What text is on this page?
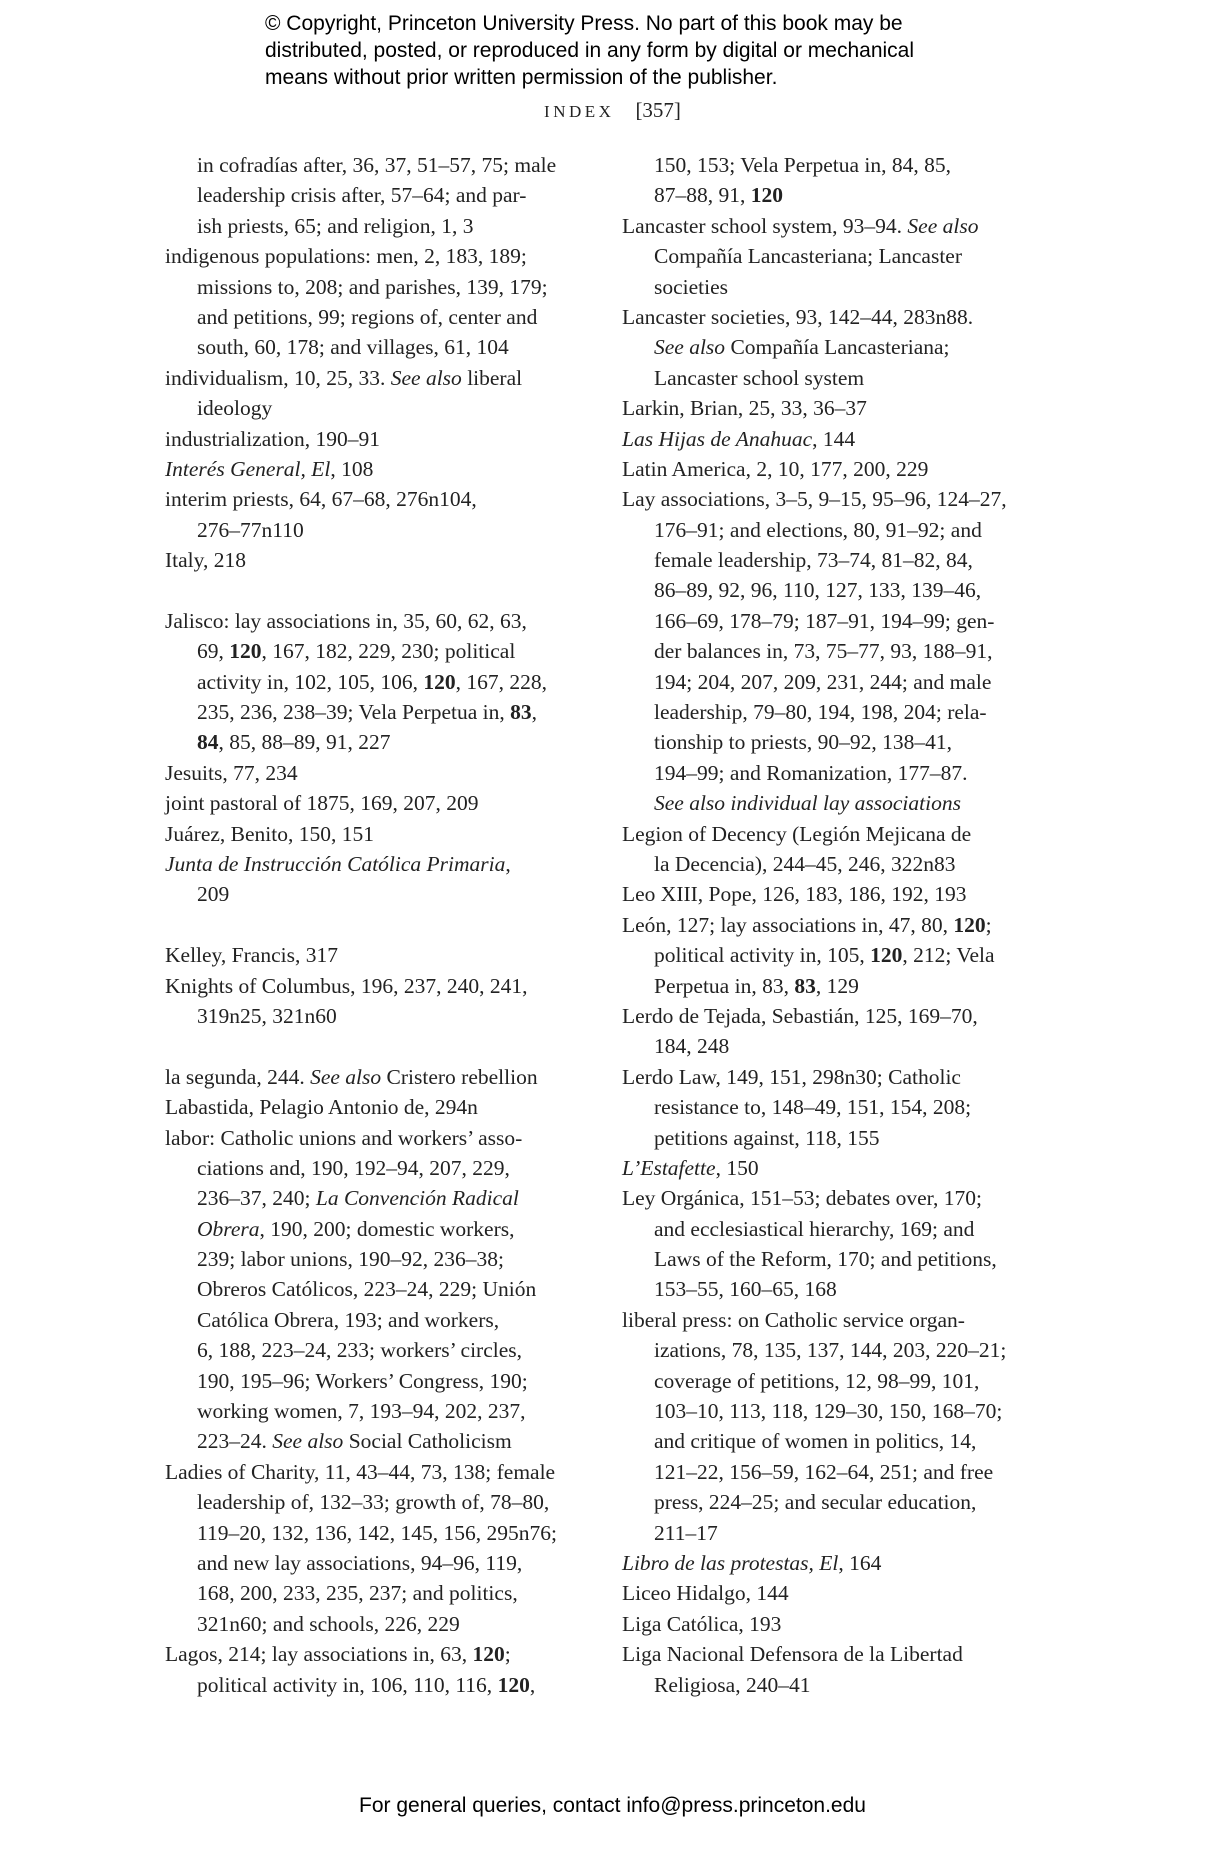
© Copyright, Princeton University Press. No part of this book may be
distributed, posted, or reproduced in any form by digital or mechanical
means without prior written permission of the publisher.
INDEX [357]
in cofradías after, 36, 37, 51–57, 75; male
leadership crisis after, 57–64; and par-
ish priests, 65; and religion, 1, 3
indigenous populations: men, 2, 183, 189;
missions to, 208; and parishes, 139, 179;
and petitions, 99; regions of, center and
south, 60, 178; and villages, 61, 104
individualism, 10, 25, 33. See also liberal
ideology
industrialization, 190–91
Interés General, El, 108
interim priests, 64, 67–68, 276n104,
276–77n110
Italy, 218
Jalisco: lay associations in, 35, 60, 62, 63,
69, 120, 167, 182, 229, 230; political
activity in, 102, 105, 106, 120, 167, 228,
235, 236, 238–39; Vela Perpetua in, 83,
84, 85, 88–89, 91, 227
Jesuits, 77, 234
joint pastoral of 1875, 169, 207, 209
Juárez, Benito, 150, 151
Junta de Instrucción Católica Primaria,
209
Kelley, Francis, 317
Knights of Columbus, 196, 237, 240, 241,
319n25, 321n60
la segunda, 244. See also Cristero rebellion
Labastida, Pelagio Antonio de, 294n
labor: Catholic unions and workers’ asso-
ciations and, 190, 192–94, 207, 229,
236–37, 240; La Convención Radical
Obrera, 190, 200; domestic workers,
239; labor unions, 190–92, 236–38;
Obreros Católicos, 223–24, 229; Unión
Católica Obrera, 193; and workers,
6, 188, 223–24, 233; workers’ circles,
190, 195–96; Workers’ Congress, 190;
working women, 7, 193–94, 202, 237,
223–24. See also Social Catholicism
Ladies of Charity, 11, 43–44, 73, 138; female
leadership of, 132–33; growth of, 78–80,
119–20, 132, 136, 142, 145, 156, 295n76;
and new lay associations, 94–96, 119,
168, 200, 233, 235, 237; and politics,
321n60; and schools, 226, 229
Lagos, 214; lay associations in, 63, 120;
political activity in, 106, 110, 116, 120,
150, 153; Vela Perpetua in, 84, 85,
87–88, 91, 120
Lancaster school system, 93–94. See also
Compañía Lancasteriana; Lancaster
societies
Lancaster societies, 93, 142–44, 283n88.
See also Compañía Lancasteriana;
Lancaster school system
Larkin, Brian, 25, 33, 36–37
Las Hijas de Anahuac, 144
Latin America, 2, 10, 177, 200, 229
Lay associations, 3–5, 9–15, 95–96, 124–27,
176–91; and elections, 80, 91–92; and
female leadership, 73–74, 81–82, 84,
86–89, 92, 96, 110, 127, 133, 139–46,
166–69, 178–79; 187–91, 194–99; gen-
der balances in, 73, 75–77, 93, 188–91,
194; 204, 207, 209, 231, 244; and male
leadership, 79–80, 194, 198, 204; rela-
tionship to priests, 90–92, 138–41,
194–99; and Romanization, 177–87.
See also individual lay associations
Legion of Decency (Legión Mejicana de
la Decencia), 244–45, 246, 322n83
Leo XIII, Pope, 126, 183, 186, 192, 193
León, 127; lay associations in, 47, 80, 120;
political activity in, 105, 120, 212; Vela
Perpetua in, 83, 83, 129
Lerdo de Tejada, Sebastián, 125, 169–70,
184, 248
Lerdo Law, 149, 151, 298n30; Catholic
resistance to, 148–49, 151, 154, 208;
petitions against, 118, 155
L’Estafette, 150
Ley Orgánica, 151–53; debates over, 170;
and ecclesiastical hierarchy, 169; and
Laws of the Reform, 170; and petitions,
153–55, 160–65, 168
liberal press: on Catholic service organ-
izations, 78, 135, 137, 144, 203, 220–21;
coverage of petitions, 12, 98–99, 101,
103–10, 113, 118, 129–30, 150, 168–70;
and critique of women in politics, 14,
121–22, 156–59, 162–64, 251; and free
press, 224–25; and secular education,
211–17
Libro de las protestas, El, 164
Liceo Hidalgo, 144
Liga Católica, 193
Liga Nacional Defensora de la Libertad
Religiosa, 240–41
For general queries, contact info@press.princeton.edu
